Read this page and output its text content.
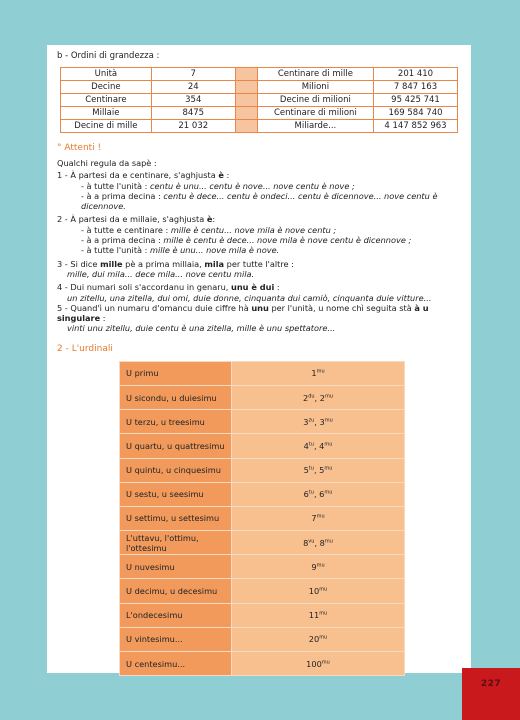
b - Ordini di grandezza :
Unità	7		Centinare di mille	201 410
Decine	24		Milioni	7 847 163
Centinare	354		Decine di milioni	95 425 741
Millaie	8475		Centinare di milioni	169 584 740
Decine di mille	21 032		Miliarde...	4 147 852 963
° Attenti !

Qualchi regula da sapè :

1 - À partesi da e centinare, s'aghjusta è :
- à tutte l'unità : centu è unu... centu è nove... nove centu è nove ;
- à a prima decina : centu è dece... centu è ondeci... centu è dicennove... nove centu è dicennove.
2 - À partesi da e millaie, s'aghjusta è:
- à tutte e centinare : mille è centu... nove mila è nove centu ;
- à a prima decina : mille è centu è dece... nove mila è nove centu è dicennove ;
- à tutte l'unità : mille è unu... nove mila è nove.
3 - Si dice mille pè a prima millaia, mila per tutte l'altre :
mille, dui mila... dece mila... nove centu mila.
4 - Dui numari soli s'accordanu in genaru, unu è dui :
un zitellu, una zitella, dui omi, duie donne, cinquanta dui camiò, cinquanta duie vitture...
5 - Quand'ì un numaru d'omancu duie ciffre hà unu per l'unità, u nome chì seguita stà à u singulare :
vinti unu zitellu, duie centu è una zitella, mille è unu spettatore...
2 - L'urdinali
U primu	$1^{mu}$
U sicondu, u duiesimu	$2^{du}$, $2^{mu}$
U terzu, u treesimu	$3^{zu}$, $3^{mu}$
U quartu, u quattresimu	$4^{tu}$, $4^{mu}$
U quintu, u cinquesimu	$5^{tu}$, $5^{mu}$
U sestu, u seesimu	$6^{tu}$, $6^{mu}$
U settimu, u settesimu	$7^{mu}$
L'uttavu, l'ottimu, l'ottesimu	$8^{vu}$, $8^{mu}$
U nuvesimu	$9^{mu}$
U decimu, u decesimu	$10^{mu}$
L'ondecesimu	$11^{mu}$
U vintesimu...	$20^{mu}$
U centesimu...	$100^{mu}$
227
